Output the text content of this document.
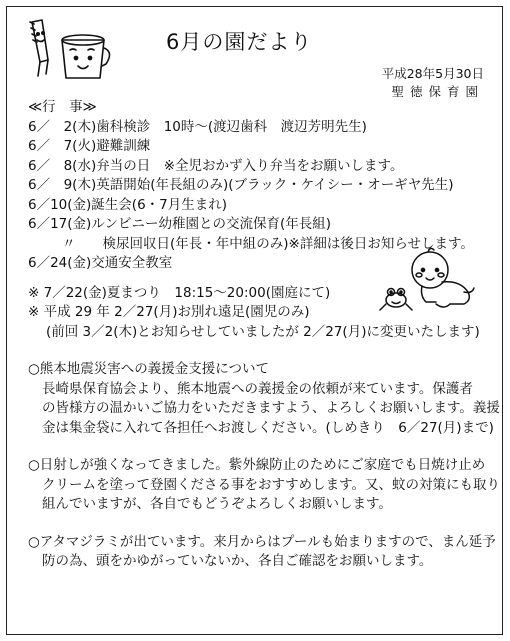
6月の園だより
平成28年5月30日
聖徳保育園
≪行　事≫
6／　2(木)歯科検診　10時～(渡辺歯科　渡辺芳明先生)
6／　7(火)避難訓練
6／　8(水)弁当の日　※全児おかず入り弁当をお願いします。
6／　9(木)英語開始(年長組のみ)(ブラック・ケイシー・オーギヤ先生)
6／10(金)誕生会(6・7月生まれ)
6／17(金)ルンビニー幼稚園との交流保育(年長組)
〃　　検尿回収日(年長・年中組のみ)※詳細は後日お知らせします。
6／24(金)交通安全教室
※ 7／22(金)夏まつり　18:15～20:00(園庭にて)
※ 平成 29 年 2／27(月)お別れ遠足(園児のみ)
(前回 3／2(木)とお知らせしていましたが 2／27(月)に変更いたします)
○熊本地震災害への義援金支援について
長崎県保育協会より、熊本地震への義援金の依頼が来ています。保護者
の皆様方の温かいご協力をいただきますよう、よろしくお願いします。義援
金は集金袋に入れて各担任へお渡しください。(しめきり　6／27(月)まで)
○日射しが強くなってきました。紫外線防止のためにご家庭でも日焼け止め
クリームを塗って登園くださる事をおすすめします。又、蚊の対策にも取り
組んでいますが、各自でもどうぞよろしくお願いします。
○アタマジラミが出ています。来月からはプールも始まりますので、まん延予
防の為、頭をかゆがっていないか、各自ご確認をお願いします。
